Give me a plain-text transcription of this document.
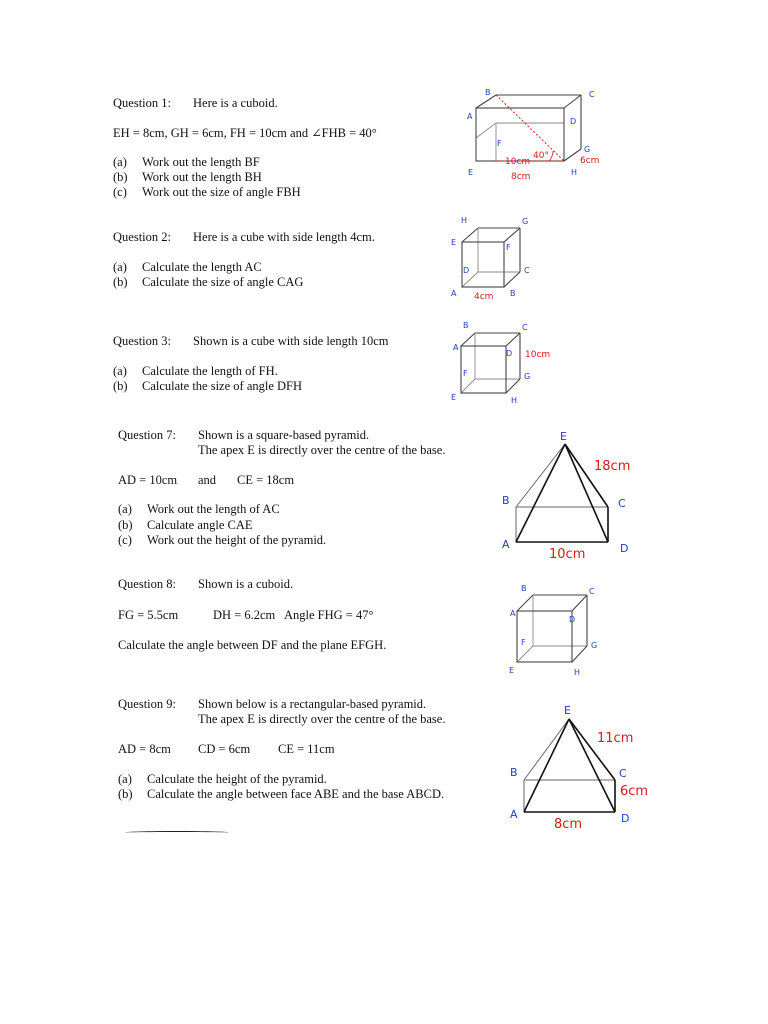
Question 1: Here is a cuboid.
EH = 8cm, GH = 6cm, FH = 10cm and ∠FHB = 40°
(a) Work out the length BF
(b) Work out the length BH
(c) Work out the size of angle FBH
B	C
A
D
F
G
E	H
10cm
40°	6cm
8cm
Question 2: Here is a cube with side length 4cm.
(a) Calculate the length AC
(b) Calculate the size of angle CAG
H	G
E
F
D	C
A	B
4cm
Question 3: Shown is a cube with side length 10cm
(a) Calculate the length of FH.
(b) Calculate the size of angle DFH
B	C
A
D
F	G
E	H
10cm
Question 7: Shown is a square-based pyramid.
The apex E is directly over the centre of the base.
AD = 10cm and CE = 18cm
(a) Work out the length of AC
(b) Calculate angle CAE
(c) Work out the height of the pyramid.
E
B	C
A	D
18cm
10cm
Question 8: Shown is a cuboid.
FG = 5.5cm	DH = 6.2cm Angle FHG = 47°
Calculate the angle between DF and the plane EFGH.
B	C
A
D
F	G
E	H
Question 9: Shown below is a rectangular-based pyramid.
The apex E is directly over the centre of the base.
AD = 8cm CD = 6cm CE = 11cm
(a) Calculate the height of the pyramid.
(b) Calculate the angle between face ABE and the base ABCD.
E
B	C
A	D
11cm
6cm
8cm
